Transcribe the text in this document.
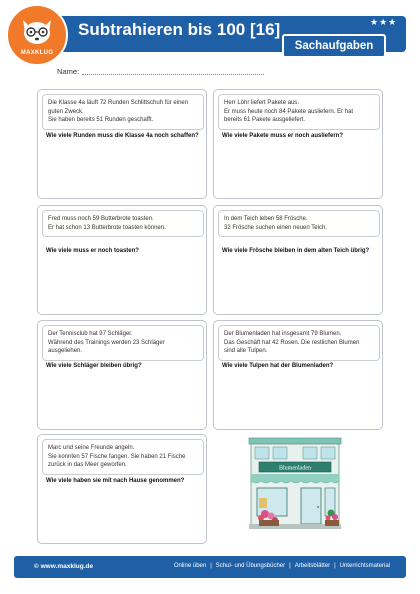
MAXKLUG
Subtrahieren bis 100 [16]	★★★
Sachaufgaben
Name:
Die Klasse 4a läuft 72 Runden Schlittschuh für einen
guten Zweck.
Sie haben bereits 51 Runden geschafft.
Wie viele Runden muss die Klasse 4a noch schaffen?
Herr Löhr liefert Pakete aus.
Er muss heute noch 84 Pakete ausliefern. Er hat
bereits 61 Pakete ausgeliefert.
Wie viele Pakete muss er noch ausliefern?
Fred muss noch 59 Butterbrote toasten.
Er hat schon 13 Butterbrote toasten können.
Wie viele muss er noch toasten?
In dem Teich leben 58 Frösche.
32 Frösche suchen einen neuen Teich.
Wie viele Frösche bleiben in dem alten Teich übrig?
Der Tennisclub hat 97 Schläger.
Während des Trainings werden 23 Schläger
ausgeliehen.
Wie viele Schläger bleiben übrig?
Der Blumenladen hat insgesamt 79 Blumen.
Das Geschäft hat 42 Rosen. Die restlichen Blumen
sind alle Tulpen.
Wie viele Tulpen hat der Blumenladen?
Marc und seine Freunde angeln.
Sie konnten 57 Fische fangen. Sie haben 21 Fische
zurück in das Meer geworfen.
Wie viele haben sie mit nach Hause genommen?
Blumenladen
© www.maxklug.de	Online üben | Schul- und Übungsbücher | Arbeitsblätter | Unterrichtsmaterial
